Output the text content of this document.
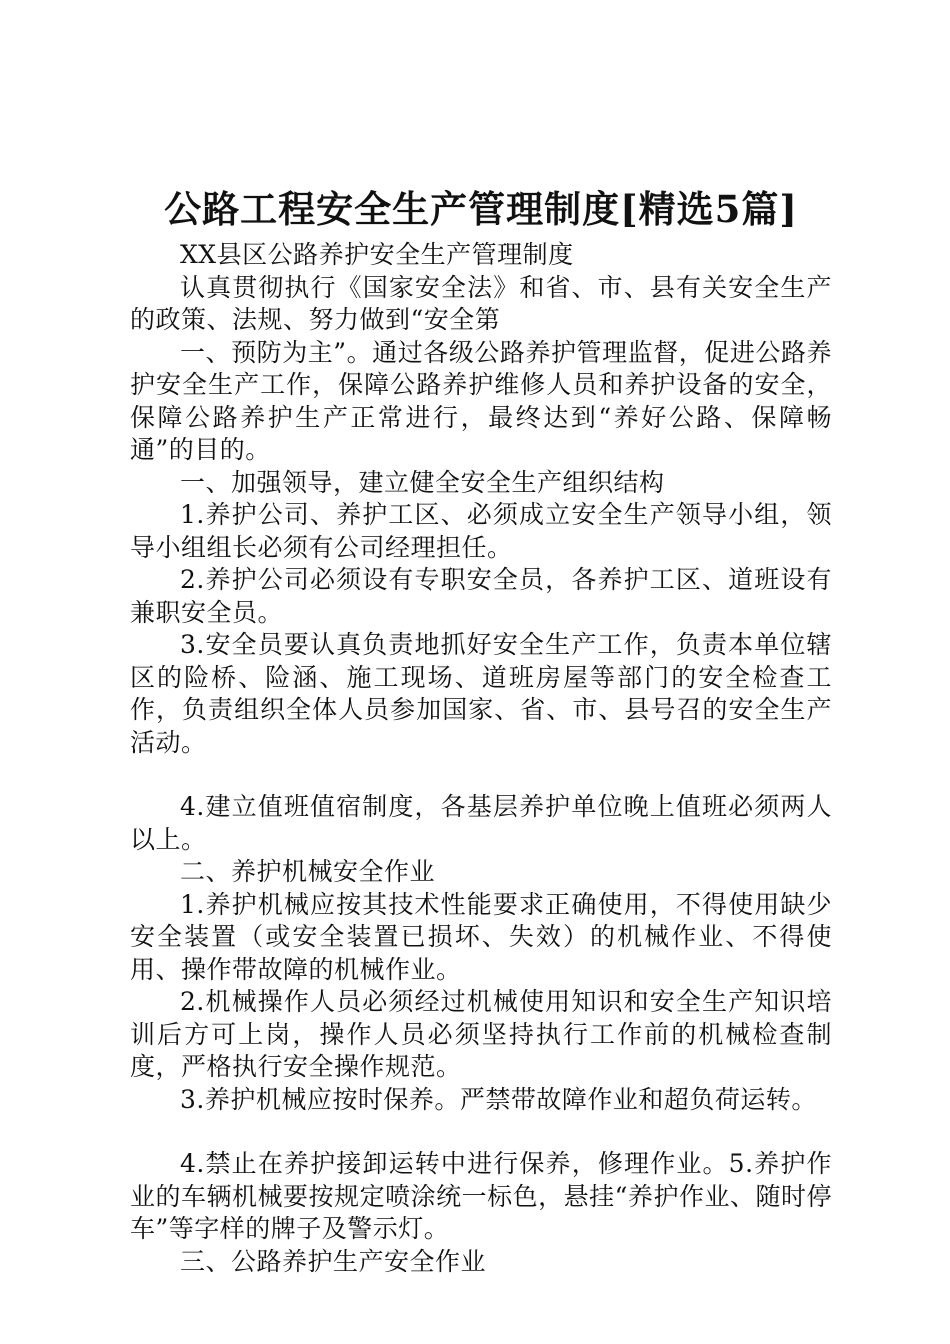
公路工程安全生产管理制度[精选5篇]

XX县区公路养护安全生产管理制度

认真贯彻执行《国家安全法》和省、市、县有关安全生产的政策、法规、努力做到“安全第

一、预防为主”。通过各级公路养护管理监督，促进公路养护安全生产工作，保障公路养护维修人员和养护设备的安全，保障公路养护生产正常进行，最终达到“养好公路、保障畅通”的目的。

一、加强领导，建立健全安全生产组织结构

1.养护公司、养护工区、必须成立安全生产领导小组，领导小组组长必须有公司经理担任。

2.养护公司必须设有专职安全员，各养护工区、道班设有兼职安全员。

3.安全员要认真负责地抓好安全生产工作，负责本单位辖区的险桥、险涵、施工现场、道班房屋等部门的安全检查工作，负责组织全体人员参加国家、省、市、县号召的安全生产活动。

4.建立值班值宿制度，各基层养护单位晚上值班必须两人以上。

二、养护机械安全作业

1.养护机械应按其技术性能要求正确使用，不得使用缺少安全装置（或安全装置已损坏、失效）的机械作业、不得使用、操作带故障的机械作业。

2.机械操作人员必须经过机械使用知识和安全生产知识培训后方可上岗，操作人员必须坚持执行工作前的机械检查制度，严格执行安全操作规范。

3.养护机械应按时保养。严禁带故障作业和超负荷运转。

4.禁止在养护接卸运转中进行保养，修理作业。5.养护作业的车辆机械要按规定喷涂统一标色，悬挂“养护作业、随时停车”等字样的牌子及警示灯。

三、公路养护生产安全作业
